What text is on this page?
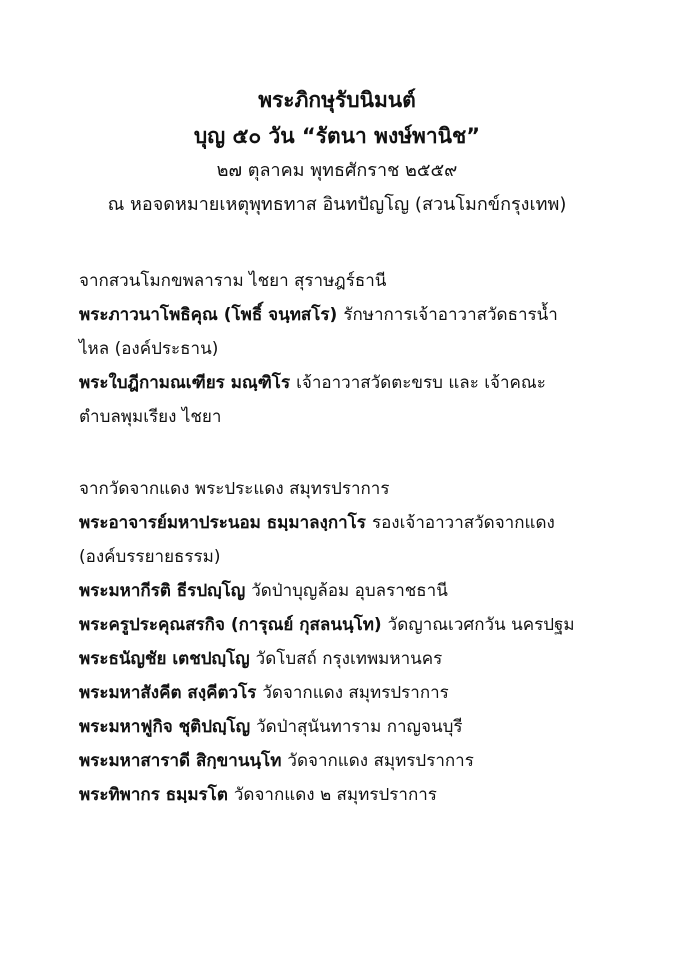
พระภิกษุรับนิมนต์

บุญ ๕๐ วัน “รัตนา พงษ์พานิช”

๒๗ ตุลาคม พุทธศักราช ๒๕๕๙

ณ หอจดหมายเหตุพุทธทาส อินทปัญโญ (สวนโมกข์กรุงเทพ)

จากสวนโมกขพลาราม ไชยา สุราษฎร์ธานี

พระภาวนาโพธิคุณ (โพธิ์ จนฺทสโร) รักษาการเจ้าอาวาสวัดธารน้ำ

ไหล (องค์ประธาน)

พระใบฎีกามณเฑียร มณฺฑิโร เจ้าอาวาสวัดตะขรบ และ เจ้าคณะ

ตำบลพุมเรียง ไชยา

จากวัดจากแดง พระประแดง สมุทรปราการ

พระอาจารย์มหาประนอม ธมฺมาลงฺกาโร รองเจ้าอาวาสวัดจากแดง

(องค์บรรยายธรรม)

พระมหากีรติ ธีรปญฺโญ วัดป่าบุญล้อม อุบลราชธานี

พระครูประคุณสรกิจ (การุณย์ กุสลนนฺโท) วัดญาณเวศกวัน นครปฐม

พระธนัญชัย เตชปญฺโญ วัดโบสถ์ กรุงเทพมหานคร

พระมหาสังคีต สงฺคีตวโร วัดจากแดง สมุทรปราการ

พระมหาฟูกิจ ชุติปญฺโญ วัดป่าสุนันทาราม กาญจนบุรี

พระมหาสาราดี สิกฺขานนฺโท วัดจากแดง สมุทรปราการ

พระทิพากร ธมฺมรโต วัดจากแดง ๒ สมุทรปราการ
